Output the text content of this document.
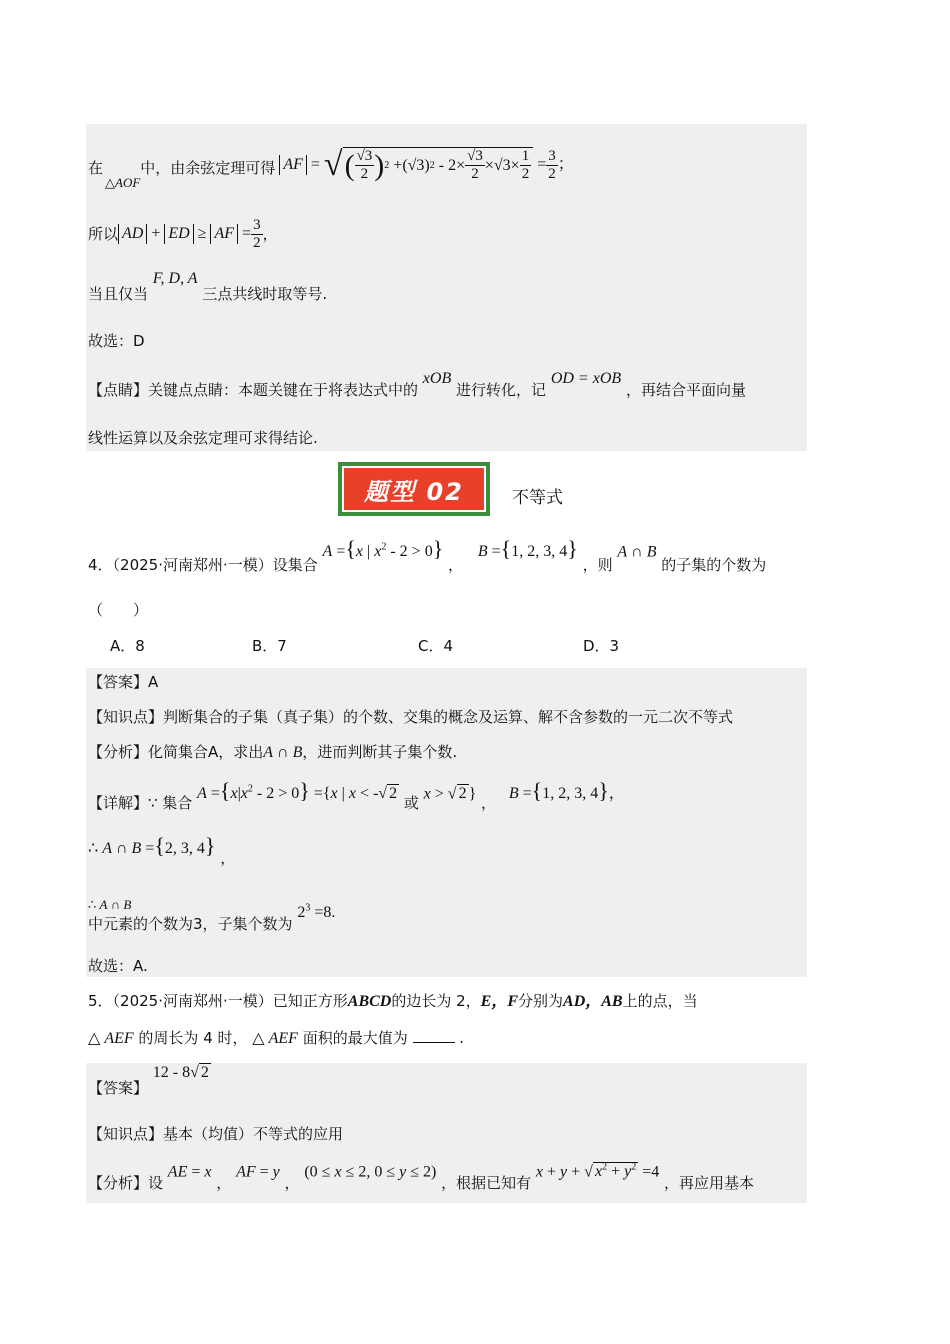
在
△AOF
中，由余弦定理可得 AF = √ ( $\frac{√3}{2}$ ) 2 +(√3) $2 - 2\times \frac{√3}{2} \times√3\times \frac{1}{2} = \frac{3}{2}$ ；
所以 AD + ED ≥ AF = $\frac{3}{2}$ ，
当且仅当 F, D, A 三点共线时取等号.
故选：D
【点睛】关键点点睛：本题关键在于将表达式中的 xOB 进行转化，记 OD = xOB ，再结合平面向量
线性运算以及余弦定理可求得结论.
题型 02	不等式
4．（2025·河南郑州·一模）设集合 A ={x | $x^2 - 2 > 0$} ， B ={1, 2, 3, 4} ，则 A ∩ B 的子集的个数为
（　　）
A．8	B．7	C．4	D．3
【答案】A
【知识点】判断集合的子集（真子集）的个数、交集的概念及运算、解不含参数的一元二次不等式
【分析】化简集合A，求出A ∩ B，进而判断其子集个数.
【详解】∵ 集合 $A =\{x|x^2 - 2 > 0\} =\{x$ | x < -√ 2 或 x > √ 2 } ， B ={1, 2, 3, 4}，
∴ A ∩ B ={2, 3, 4} ，
∴ A ∩ B
中元素的个数为3，子集个数为 $2^3 =8$.
故选：A.
5．（2025·河南郑州·一模）已知正方形ABCD的边长为 2，E，F分别为AD，AB上的点，当
△ AEF 的周长为 4 时， △ AEF 面积的最大值为	.
【答案】 12 - 8√ 2
【知识点】基本（均值）不等式的应用
【分析】设 AE = x ， AF = y ， (0 ≤ x ≤ 2, 0 ≤ y ≤ 2) ，根据已知有 x + y + √ $x^2 + y^2 =4$ ，再应用基本
